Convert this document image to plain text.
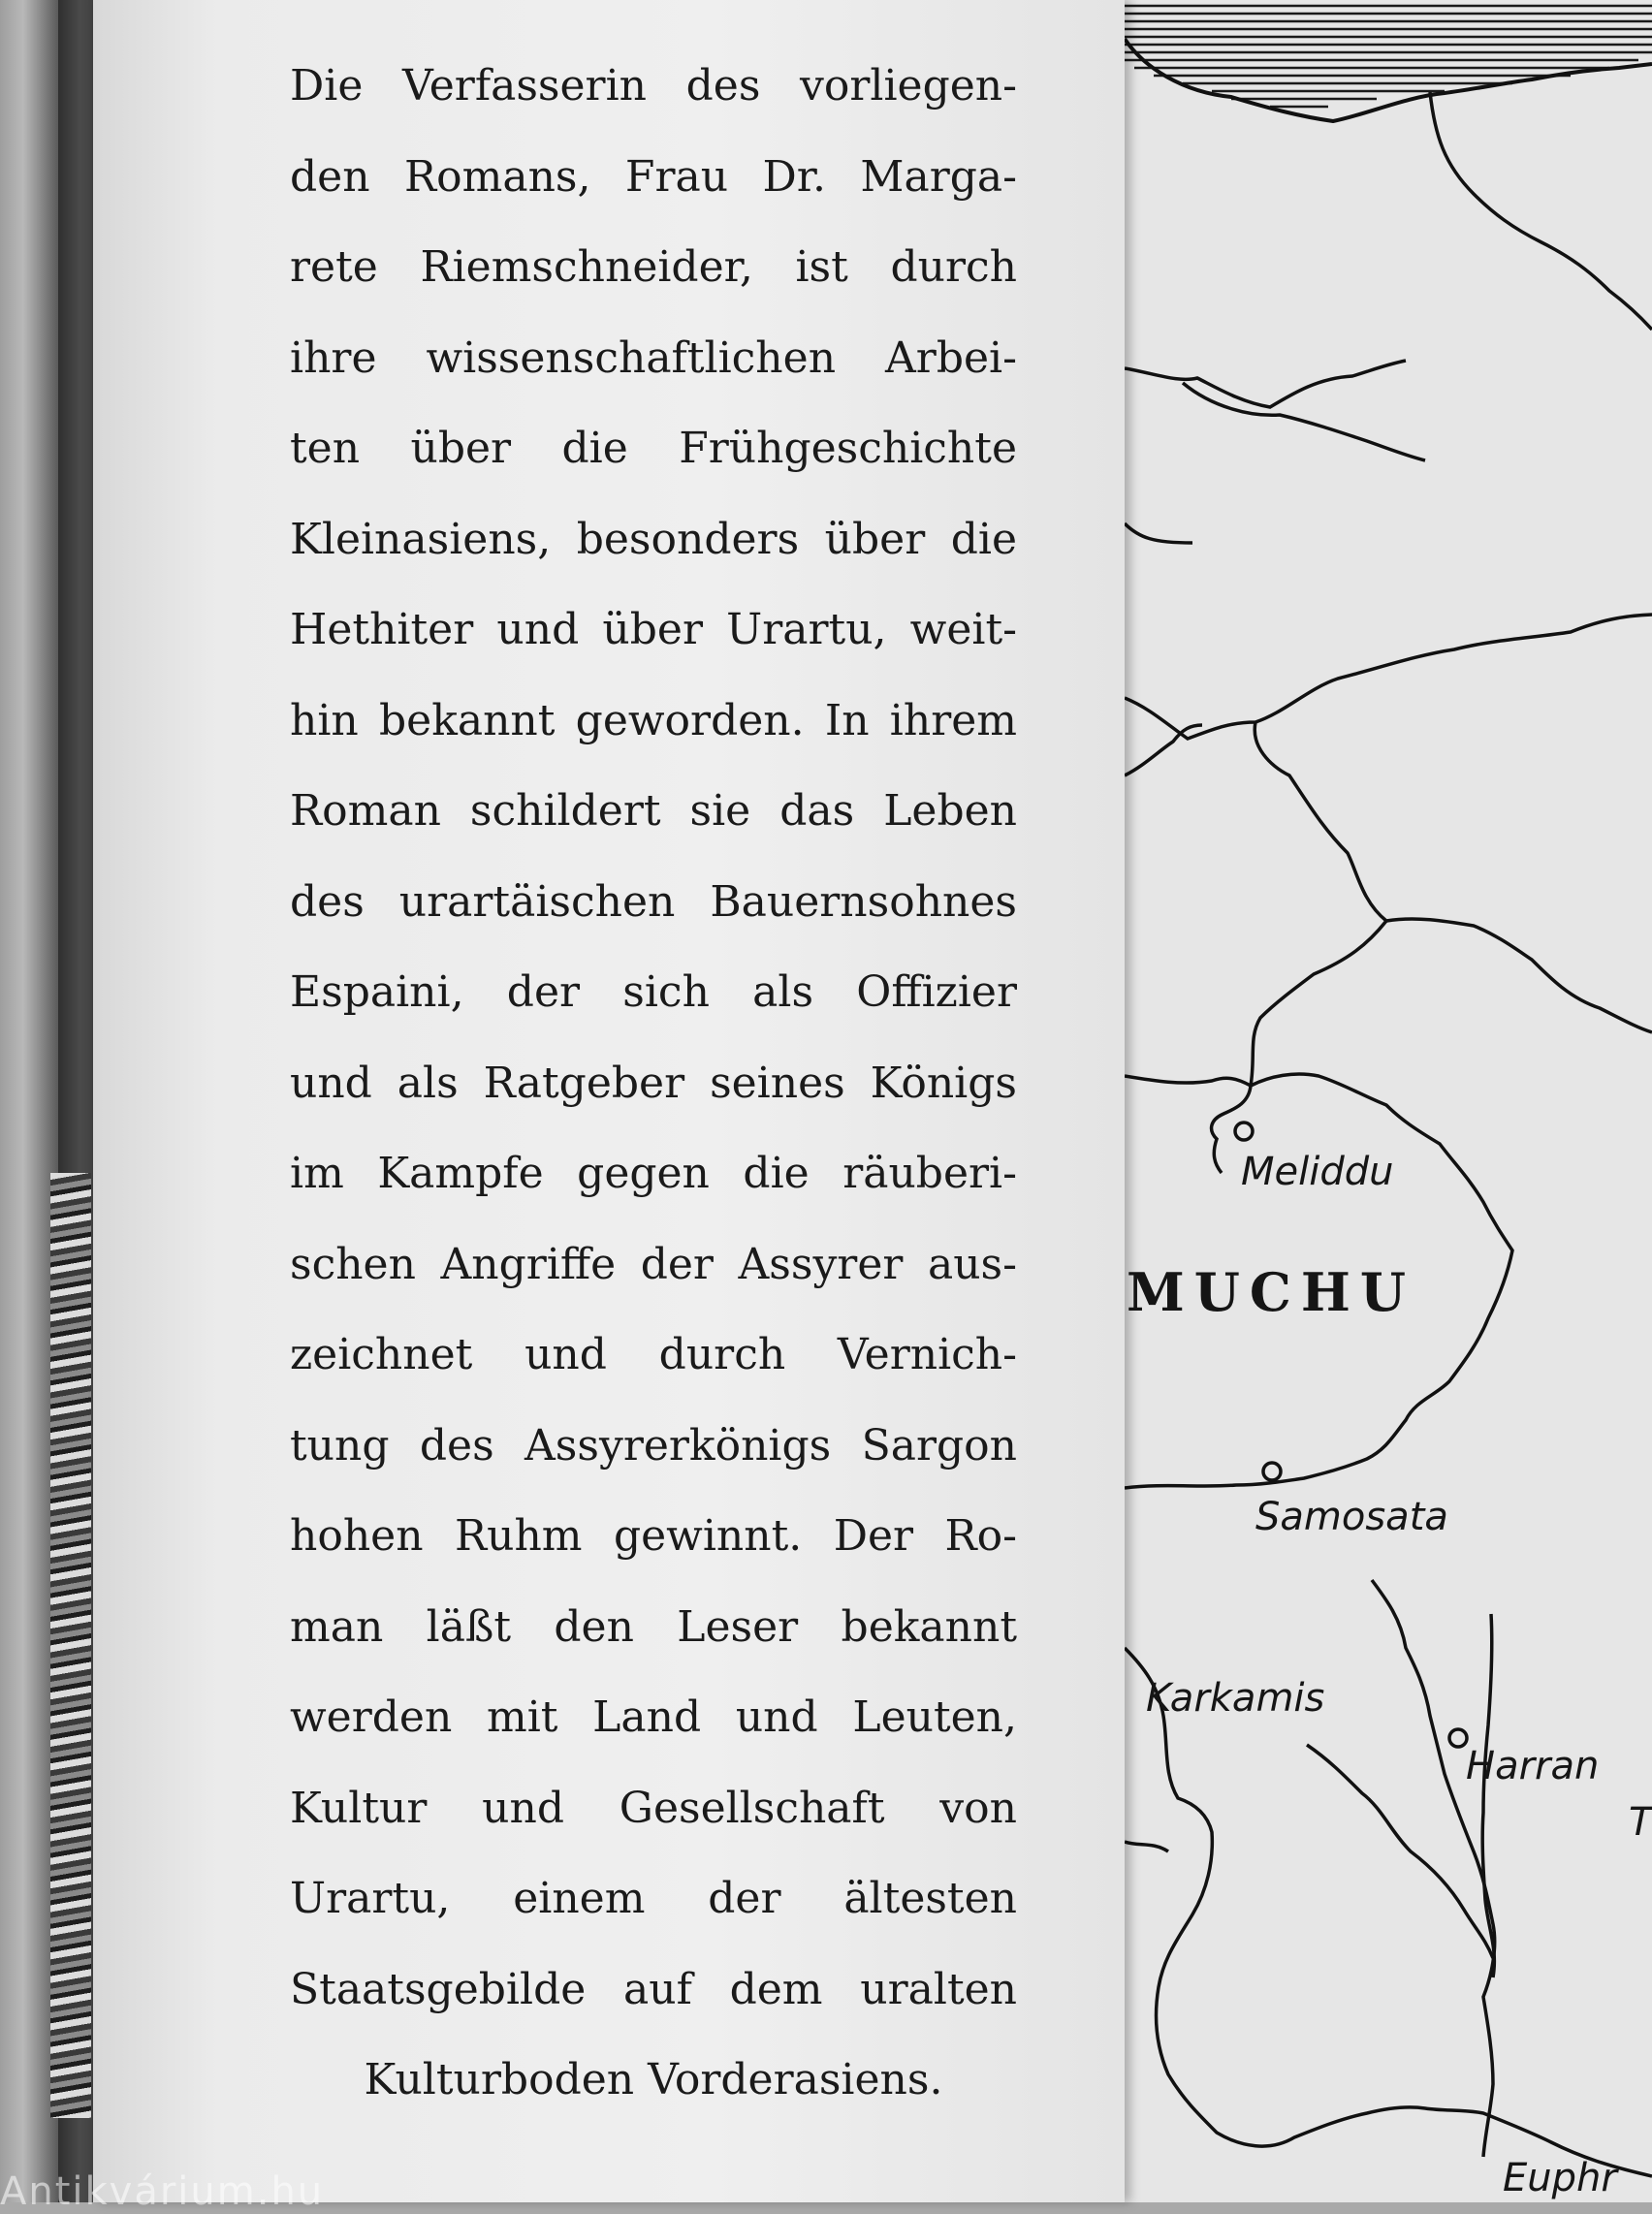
Die Verfasserin des vorliegen-
den Romans, Frau Dr. Marga-
rete Riemschneider, ist durch
ihre wissenschaftlichen Arbei-
ten über die Frühgeschichte
Kleinasiens, besonders über die
Hethiter und über Urartu, weit-
hin bekannt geworden. In ihrem
Roman schildert sie das Leben
des urartäischen Bauernsohnes
Espaini, der sich als Offizier
und als Ratgeber seines Königs
im Kampfe gegen die räuberi-
schen Angriffe der Assyrer aus-
zeichnet und durch Vernich-
tung des Assyrerkönigs Sargon
hohen Ruhm gewinnt. Der Ro-
man läßt den Leser bekannt
werden mit Land und Leuten,
Kultur und Gesellschaft von
Urartu, einem der ältesten
Staatsgebilde auf dem uralten
Kulturboden Vorderasiens.
Meliddu
MUCHU
Samosata
Karkamis
Harran
T
Euphr
Antikvárium.hu
